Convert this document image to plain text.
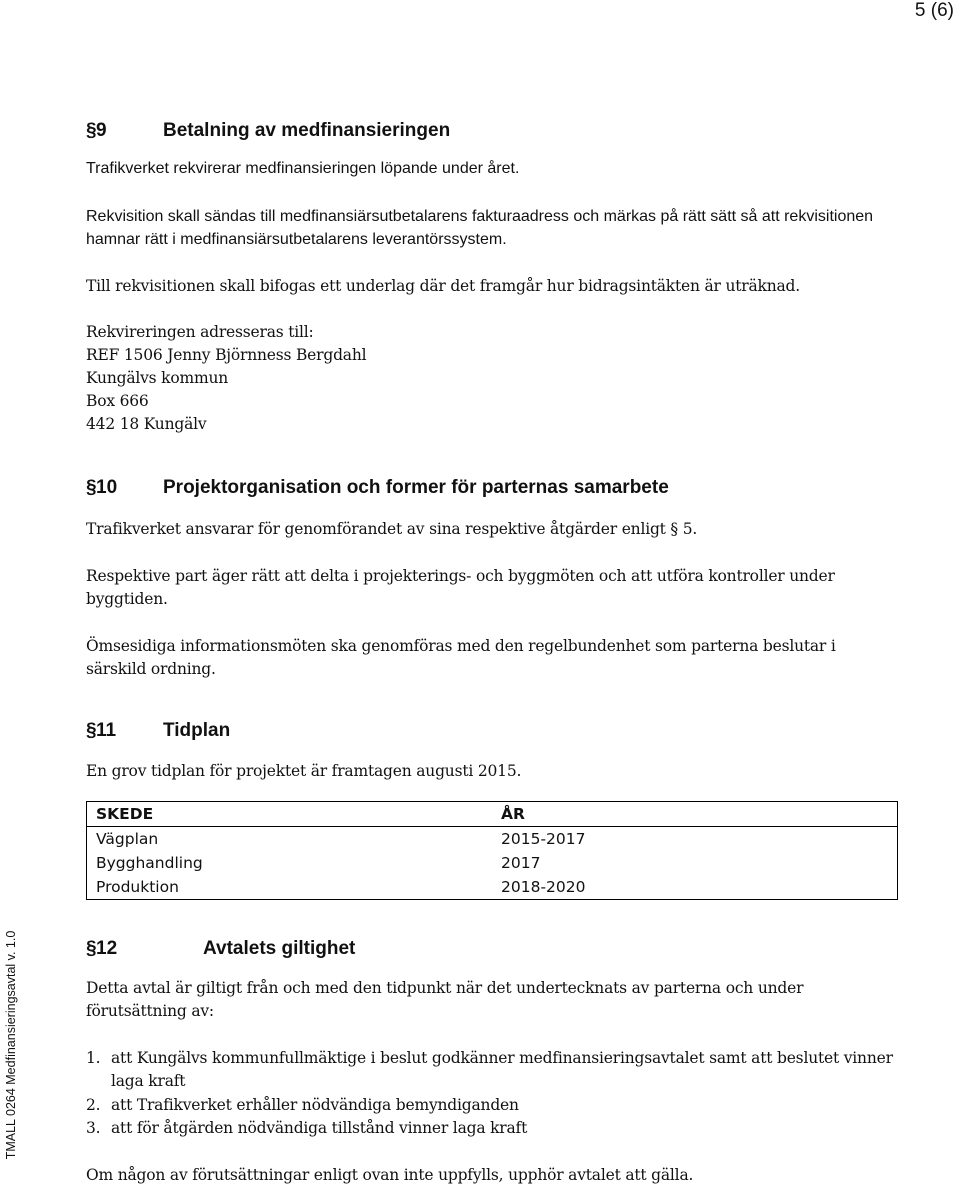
5 (6)
TMALL 0264 Medfinansieringsavtal v. 1.0
§ 9	Betalning av medfinansieringen

Trafikverket rekvirerar medfinansieringen löpande under året.

Rekvisition skall sändas till medfinansiärsutbetalarens fakturaadress och märkas på rätt sätt så att rekvisitionen hamnar rätt i medfinansiärsutbetalarens leverantörssystem.

Till rekvisitionen skall bifogas ett underlag där det framgår hur bidragsintäkten är uträknad.

Rekvireringen adresseras till:
REF 1506 Jenny Björnness Bergdahl
Kungälvs kommun
Box 666
442 18 Kungälv
§ 10 Projektorganisation och former för parternas samarbete

Trafikverket ansvarar för genomförandet av sina respektive åtgärder enligt § 5.

Respektive part äger rätt att delta i projekterings- och byggmöten och att utföra kontroller under byggtiden.

Ömsesidiga informationsmöten ska genomföras med den regelbundenhet som parterna beslutar i särskild ordning.

§ 11 Tidplan

En grov tidplan för projektet är framtagen augusti 2015.

SKEDE	ÅR
Vägplan	2015-2017
Bygghandling	2017
Produktion	2018-2020
§ 12	Avtalets giltighet

Detta avtal är giltigt från och med den tidpunkt när det undertecknats av parterna och under förutsättning av:

1. att Kungälvs kommunfullmäktige i beslut godkänner medfinansieringsavtalet samt att beslutet vinner laga kraft
2. att Trafikverket erhåller nödvändiga bemyndiganden
3. att för åtgärden nödvändiga tillstånd vinner laga kraft

Om någon av förutsättningar enligt ovan inte uppfylls, upphör avtalet att gälla.
